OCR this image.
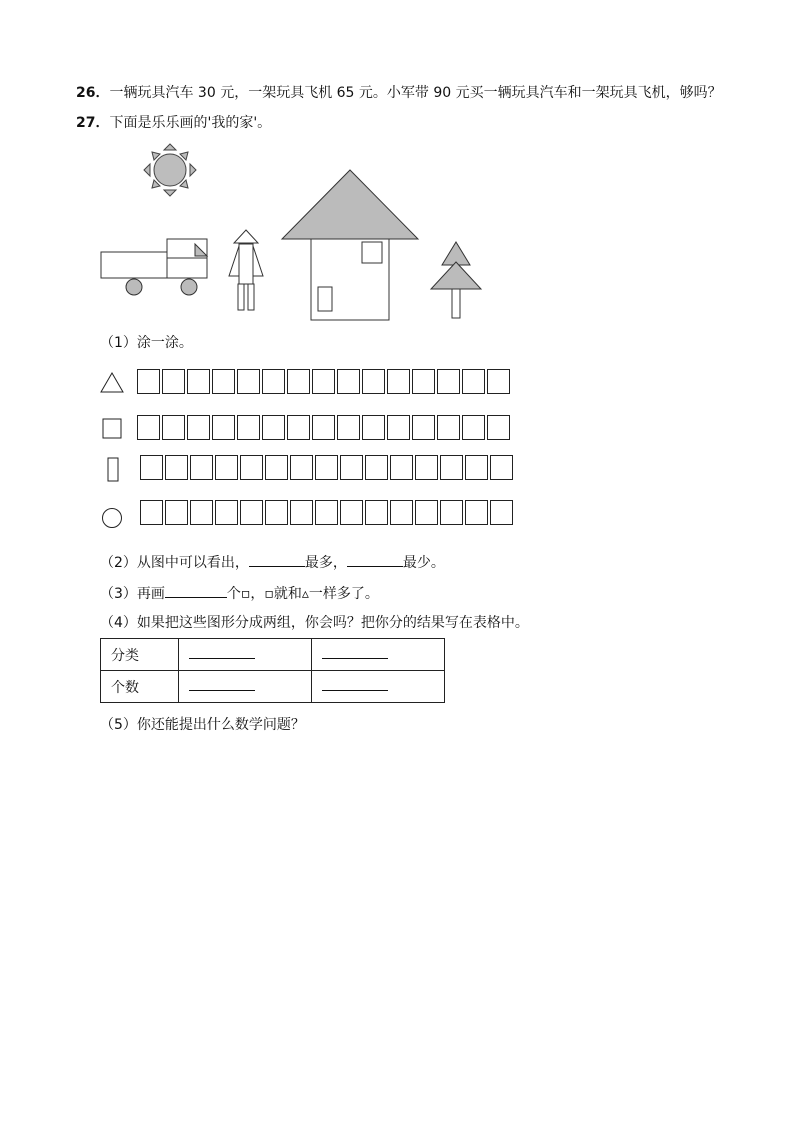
26．一辆玩具汽车 30 元，一架玩具飞机 65 元。小军带 90 元买一辆玩具汽车和一架玩具飞机，够吗？
27．下面是乐乐画的'我的家'。
（1）涂一涂。
（2）从图中可以看出，	最多，	最少。
（3）再画	个▫，▫就和▵一样多了。
（4）如果把这些图形分成两组，你会吗？把你分的结果写在表格中。
分类		
个数		
（5）你还能提出什么数学问题？
